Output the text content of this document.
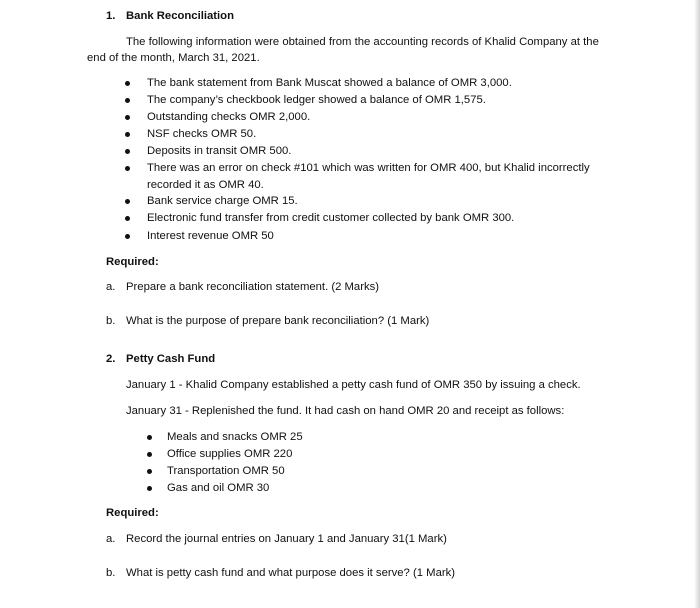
1. Bank Reconciliation
The following information were obtained from the accounting records of Khalid Company at the
end of the month, March 31, 2021.
The bank statement from Bank Muscat showed a balance of OMR 3,000.
The company’s checkbook ledger showed a balance of OMR 1,575.
Outstanding checks OMR 2,000.
NSF checks OMR 50.
Deposits in transit OMR 500.
There was an error on check #101 which was written for OMR 400, but Khalid incorrectly
recorded it as OMR 40.
Bank service charge OMR 15.
Electronic fund transfer from credit customer collected by bank OMR 300.
Interest revenue OMR 50
Required:
a. Prepare a bank reconciliation statement. (2 Marks)
b. What is the purpose of prepare bank reconciliation? (1 Mark)
2. Petty Cash Fund
January 1 - Khalid Company established a petty cash fund of OMR 350 by issuing a check.
January 31 - Replenished the fund. It had cash on hand OMR 20 and receipt as follows:
Meals and snacks OMR 25
Office supplies OMR 220
Transportation OMR 50
Gas and oil OMR 30
Required:
a. Record the journal entries on January 1 and January 31(1 Mark)
b. What is petty cash fund and what purpose does it serve? (1 Mark)
